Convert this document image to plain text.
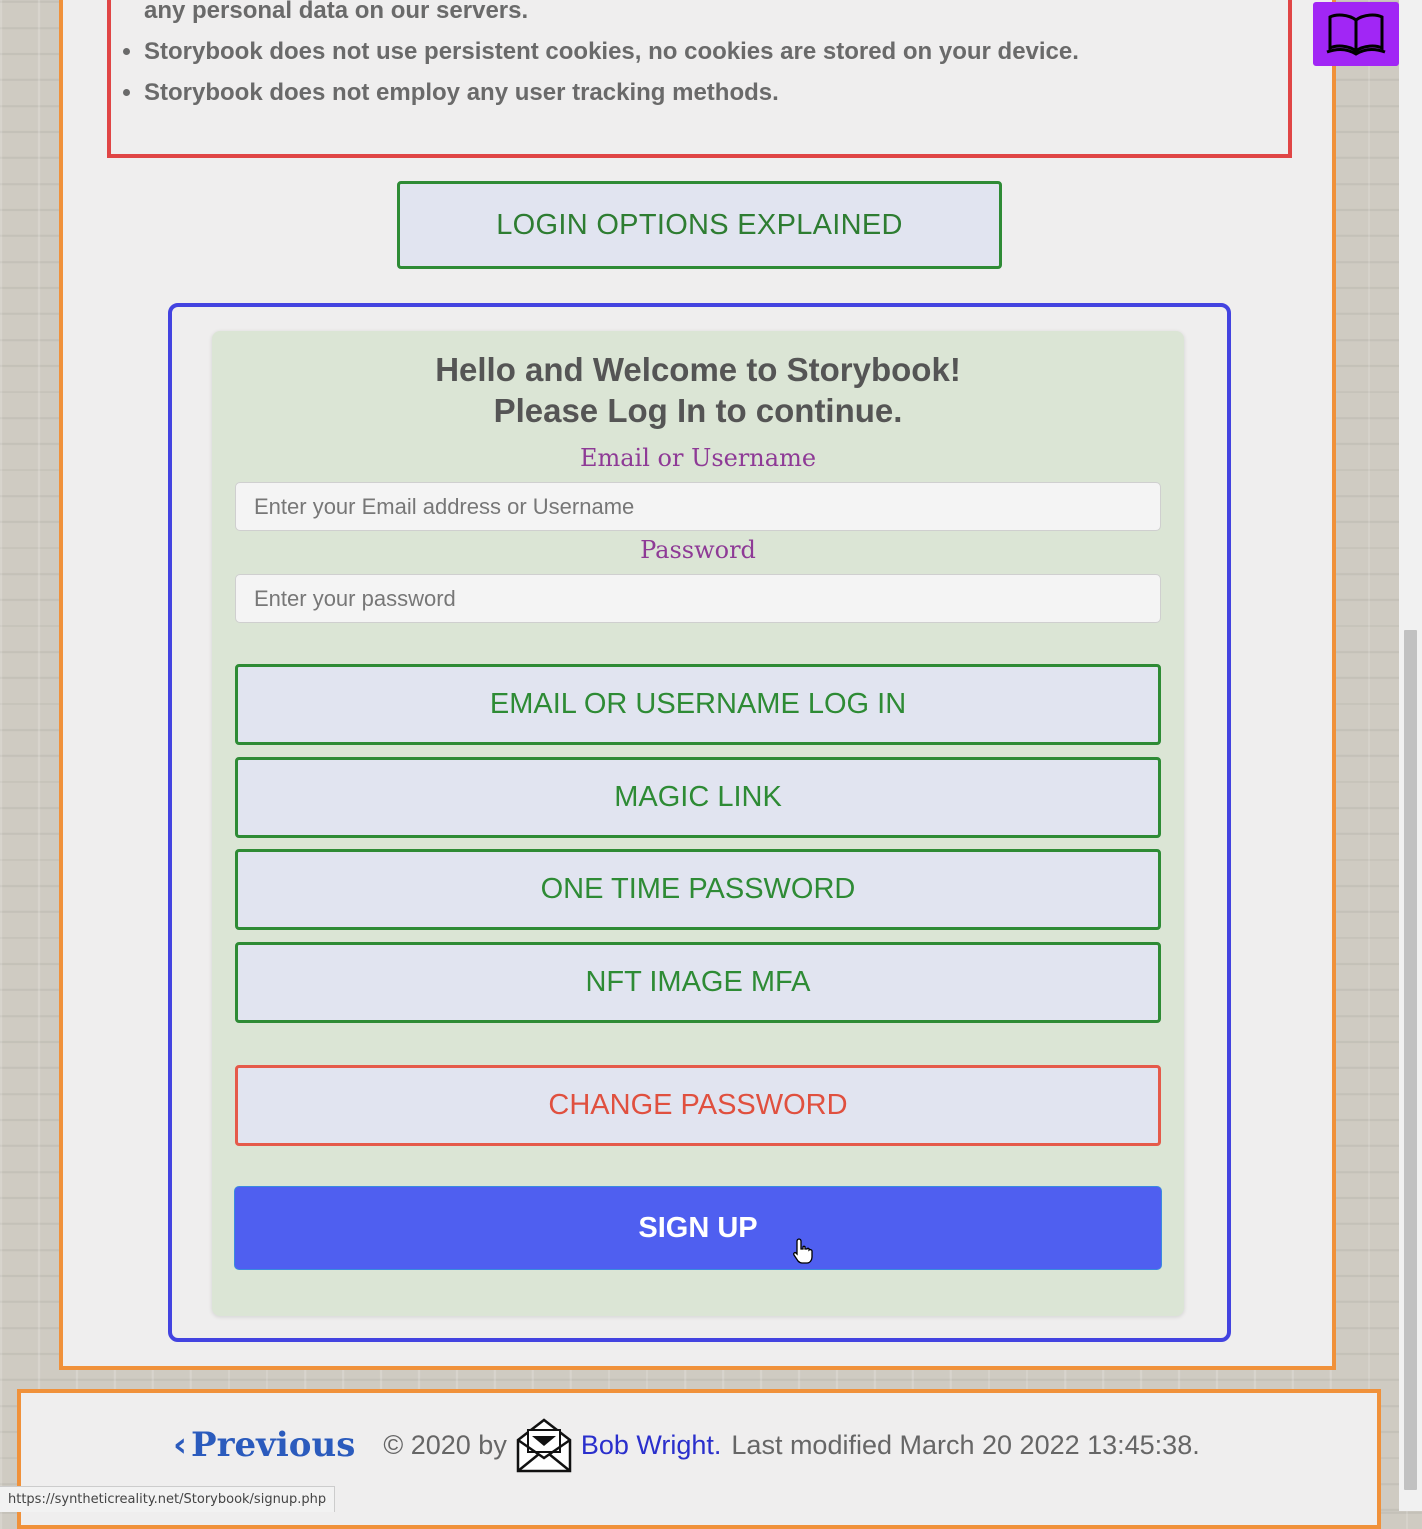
any personal data on our servers.
• Storybook does not use persistent cookies, no cookies are stored on your device.
• Storybook does not employ any user tracking methods.
LOGIN OPTIONS EXPLAINED
Hello and Welcome to Storybook!
Please Log In to continue.
Email or Username
Enter your Email address or Username
Password
EMAIL OR USERNAME LOG IN
MAGIC LINK
ONE TIME PASSWORD
NFT IMAGE MFA
CHANGE PASSWORD
SIGN UP
‹ Previous © 2020 by	Bob Wright. Last modified March 20 2022 13:45:38.
https://syntheticreality.net/Storybook/signup.php
